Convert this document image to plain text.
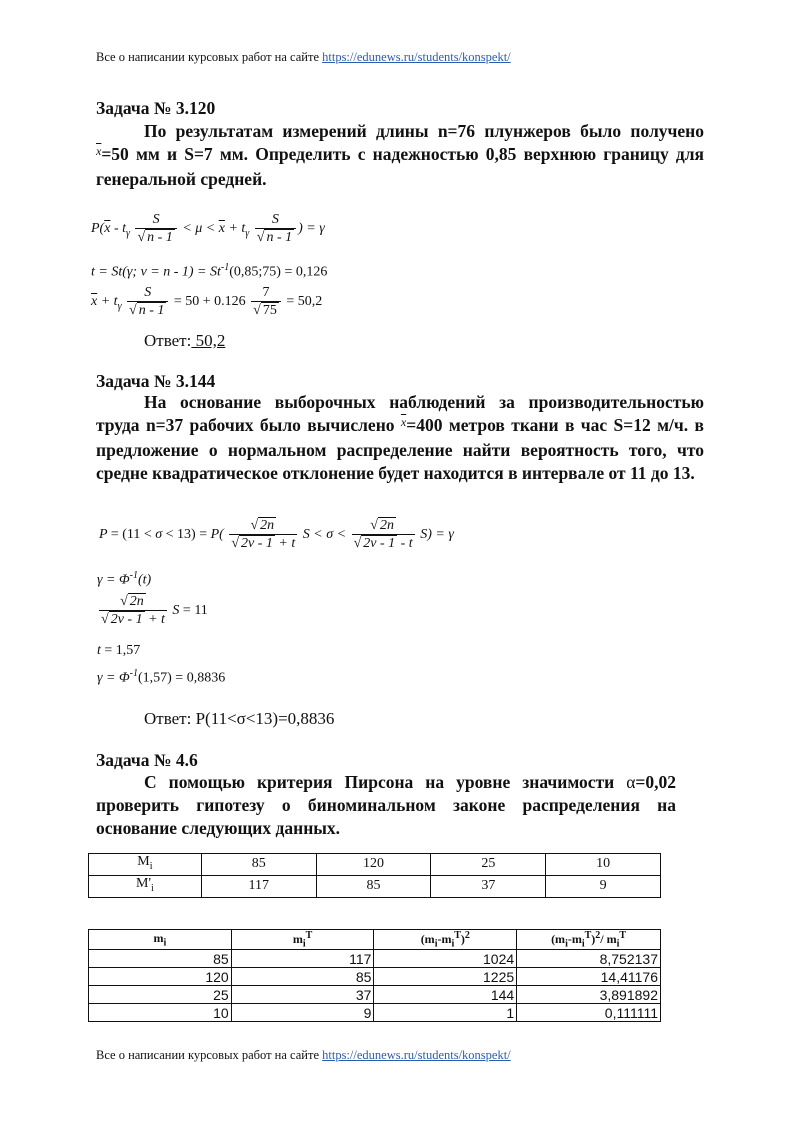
Все о написании курсовых работ на сайте https://edunews.ru/students/konspekt/
Задача № 3.120
По результатам измерений длины n=76 плунжеров было получено $^{\overline{x}}$=50 мм и S=7 мм. Определить с надежностью 0,85 верхнюю границу для генеральной средней.
$P(\overline{x} - t_\gamma \frac{S}{√ n - 1} < \mu < \overline{x} + t_\gamma \frac{S}{√ n - 1}$ ) = γ
t = St(γ; $v = n - 1) = St^{-1}(0,85;75) = 0,126$
$\overline{x} + t_\gamma \frac{S}{√ n - 1} = 50 + 0.126 \frac{7}{√ 75} = 50,2$
Ответ: 50,2
Задача № 3.144
На основание выборочных наблюдений за производительностью труда n=37 рабочих было вычислено $^{\overline{x}}$=400 метров ткани в час S=12 м/ч. в предложение о нормальном распределение найти вероятность того, что средне квадратическое отклонение будет находится в интервале от 11 до 13.
$P = (11 < \sigma < 13) = P( \frac{√ 2n}{√ 2v - 1 + t}$ $S < \sigma < \frac{√ 2n}{√ 2v - 1 - t} S) = \gamma$
$\gamma = \Phi^{-1}(t)$
$\frac{√ 2n}{√ 2v - 1 + t}$ S = 11
t = 1,57
$\gamma = \Phi^{-1}(1,57) = 0,8836$
Ответ: P(11<σ<13)=0,8836
Задача № 4.6
С помощью критерия Пирсона на уровне значимости α=0,02 проверить гипотезу о биноминальном законе распределения на основание следующих данных.
$M_i$	85	120	25	10
$M'_i$	117	85	37	9
$m_i$	$m_i^T$	$(m_i-m_i^T)^2$	$(m_i-m_i^T)^2/$ $m_i^T$
85	117	1024	8,752137
120	85	1225	14,41176
25	37	144	3,891892
10	9	1	0,111111
Все о написании курсовых работ на сайте https://edunews.ru/students/konspekt/
